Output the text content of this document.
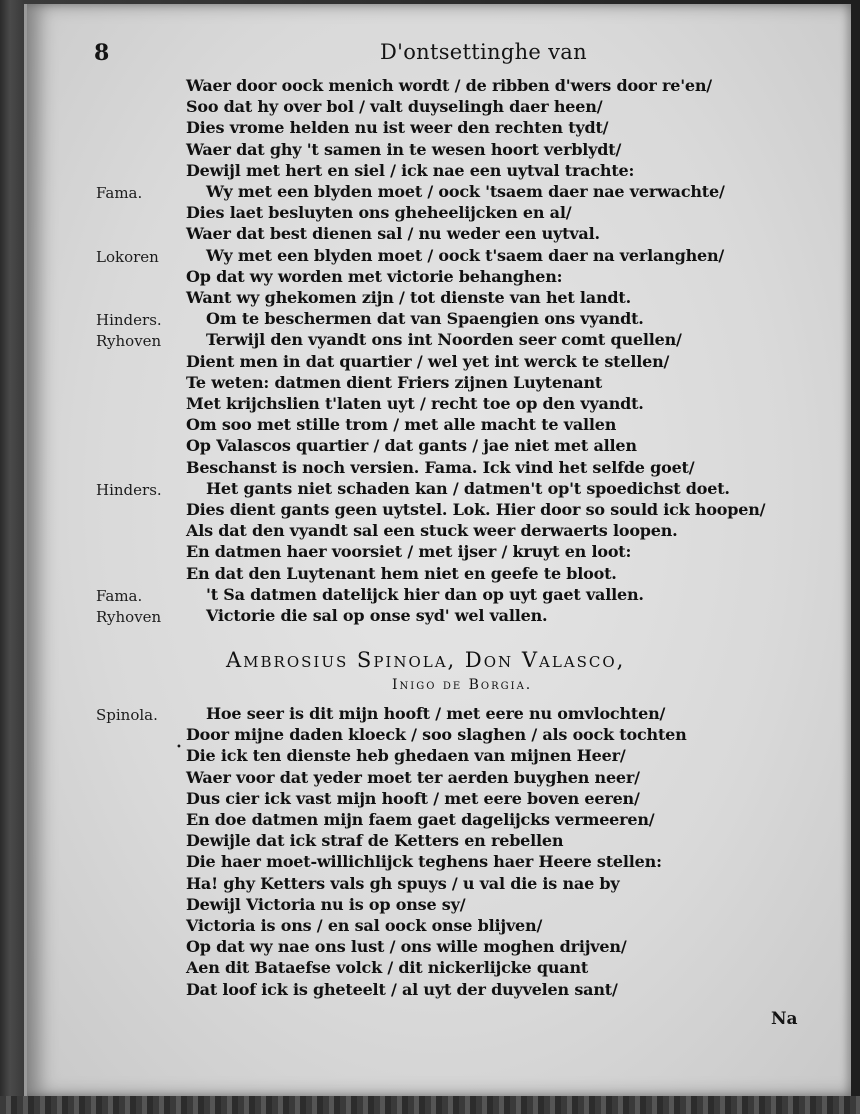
8	D'ontsettinghe van
Waer door oock menich wordt / de ribben d'wers door re'en/
Soo dat hy over bol / valt duyselingh daer heen/
Dies vrome helden nu ist weer den rechten tydt/
Waer dat ghy 't samen in te wesen hoort verblydt/
Dewijl met hert en siel / ick nae een uytval trachte:
Fama.	Wy met een blyden moet / oock 'tsaem daer nae verwachte/
Dies laet besluyten ons gheheelijcken en al/
Waer dat best dienen sal / nu weder een uytval.
Lokoren	Wy met een blyden moet / oock t'saem daer na verlanghen/
Op dat wy worden met victorie behanghen:
Want wy ghekomen zijn / tot dienste van het landt.
Hinders.	Om te beschermen dat van Spaengien ons vyandt.
Ryhoven	Terwijl den vyandt ons int Noorden seer comt quellen/
Dient men in dat quartier / wel yet int werck te stellen/
Te weten: datmen dient Friers zijnen Luytenant
Met krijchslien t'laten uyt / recht toe op den vyandt.
Om soo met stille trom / met alle macht te vallen
Op Valascos quartier / dat gants / jae niet met allen
Beschanst is noch versien. Fama. Ick vind het selfde goet/
Hinders.	Het gants niet schaden kan / datmen't op't spoedichst doet.
Dies dient gants geen uytstel. Lok. Hier door so sould ick hoopen/
Als dat den vyandt sal een stuck weer derwaerts loopen.
En datmen haer voorsiet / met ijser / kruyt en loot:
En dat den Luytenant hem niet en geefe te bloot.
Fama.	't Sa datmen datelijck hier dan op uyt gaet vallen.
Ryhoven	Victorie die sal op onse syd' wel vallen.
Ambrosius Spinola, Don Valasco,
Inigo de Borgia.
•
Spinola.	Hoe seer is dit mijn hooft / met eere nu omvlochten/
Door mijne daden kloeck / soo slaghen / als oock tochten
Die ick ten dienste heb ghedaen van mijnen Heer/
Waer voor dat yeder moet ter aerden buyghen neer/
Dus cier ick vast mijn hooft / met eere boven eeren/
En doe datmen mijn faem gaet dagelijcks vermeeren/
Dewijle dat ick straf de Ketters en rebellen
Die haer moet-willichlijck teghens haer Heere stellen:
Ha! ghy Ketters vals gh spuys / u val die is nae by
Dewijl Victoria nu is op onse sy/
Victoria is ons / en sal oock onse blijven/
Op dat wy nae ons lust / ons wille moghen drijven/
Aen dit Bataefse volck / dit nickerlijcke quant
Dat loof ick is gheteelt / al uyt der duyvelen sant/
Na
